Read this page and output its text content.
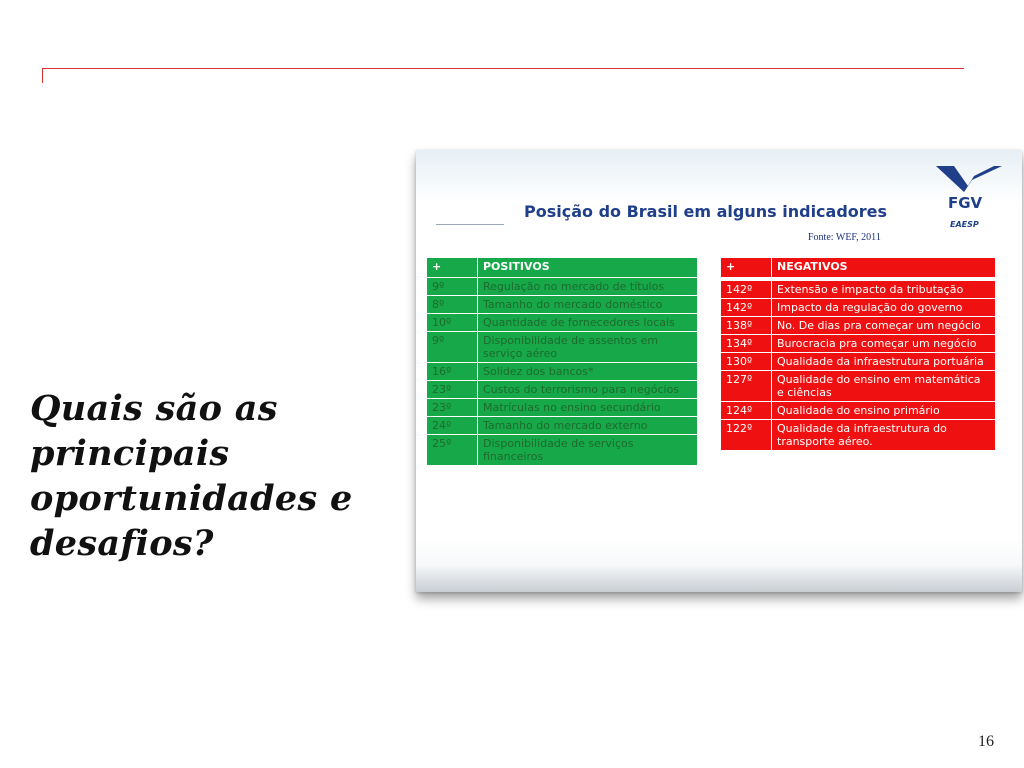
Quais são as principais oportunidades e desafios?
Posição do Brasil em alguns indicadores
Fonte: WEF, 2011
FGV
EAESP
+	POSITIVOS
9º	Regulação no mercado de títulos
8º	Tamanho do mercado doméstico
10º	Quantidade de fornecedores locais
9º	Disponibilidade de assentos em serviço aéreo
16º	Solidez dos bancos*
23º	Custos do terrorismo para negócios
23º	Matrículas no ensino secundário
24º	Tamanho do mercado externo
25º	Disponibilidade de serviços financeiros
+	NEGATIVOS

142º	Extensão e impacto da tributação
142º	Impacto da regulação do governo
138º	No. De dias pra começar um negócio
134º	Burocracia pra começar um negócio
130º	Qualidade da infraestrutura portuária
127º	Qualidade do ensino em matemática e ciências
124º	Qualidade do ensino primário
122º	Qualidade da infraestrutura do transporte aéreo.
16
